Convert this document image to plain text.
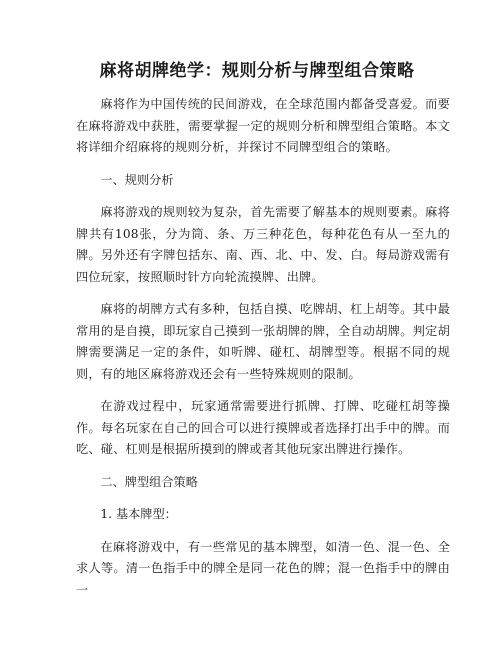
麻将胡牌绝学：规则分析与牌型组合策略

麻将作为中国传统的民间游戏，在全球范围内都备受喜爱。而要在麻将游戏中获胜，需要掌握一定的规则分析和牌型组合策略。本文将详细介绍麻将的规则分析，并探讨不同牌型组合的策略。

一、规则分析

麻将游戏的规则较为复杂，首先需要了解基本的规则要素。麻将牌共有108张，分为筒、条、万三种花色，每种花色有从一至九的牌。另外还有字牌包括东、南、西、北、中、发、白。每局游戏需有四位玩家，按照顺时针方向轮流摸牌、出牌。

麻将的胡牌方式有多种，包括自摸、吃牌胡、杠上胡等。其中最常用的是自摸，即玩家自己摸到一张胡牌的牌，全自动胡牌。判定胡牌需要满足一定的条件，如听牌、碰杠、胡牌型等。根据不同的规则，有的地区麻将游戏还会有一些特殊规则的限制。

在游戏过程中，玩家通常需要进行抓牌、打牌、吃碰杠胡等操作。每名玩家在自己的回合可以进行摸牌或者选择打出手中的牌。而吃、碰、杠则是根据所摸到的牌或者其他玩家出牌进行操作。

二、牌型组合策略

1. 基本牌型：

在麻将游戏中，有一些常见的基本牌型，如清一色、混一色、全求人等。清一色指手中的牌全是同一花色的牌；混一色指手中的牌由一
